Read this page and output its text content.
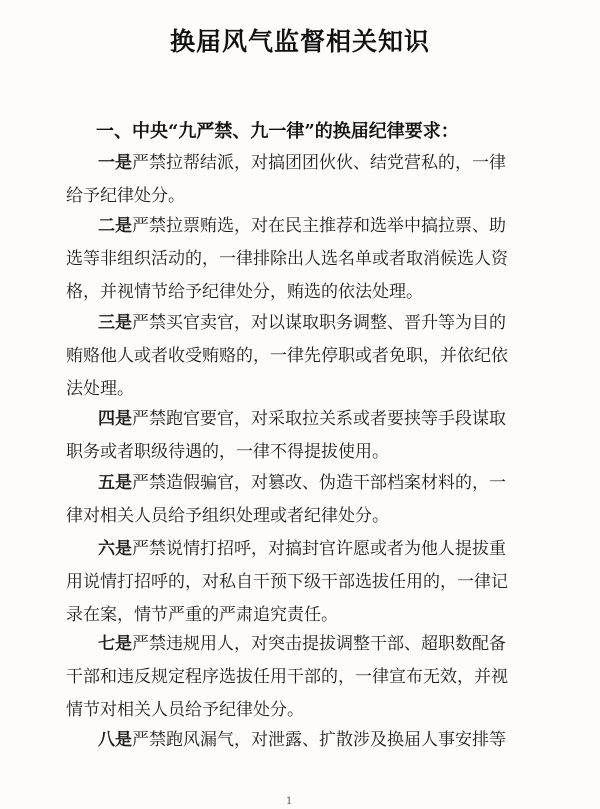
换届风气监督相关知识
一、中央“九严禁、九一律”的换届纪律要求：
一是严禁拉帮结派，对搞团团伙伙、结党营私的，一律
给予纪律处分。
二是严禁拉票贿选，对在民主推荐和选举中搞拉票、助
选等非组织活动的，一律排除出人选名单或者取消候选人资
格，并视情节给予纪律处分，贿选的依法处理。
三是严禁买官卖官，对以谋取职务调整、晋升等为目的
贿赂他人或者收受贿赂的，一律先停职或者免职，并依纪依
法处理。
四是严禁跑官要官，对采取拉关系或者要挟等手段谋取
职务或者职级待遇的，一律不得提拔使用。
五是严禁造假骗官，对篡改、伪造干部档案材料的，一
律对相关人员给予组织处理或者纪律处分。
六是严禁说情打招呼，对搞封官许愿或者为他人提拔重
用说情打招呼的，对私自干预下级干部选拔任用的，一律记
录在案，情节严重的严肃追究责任。
七是严禁违规用人，对突击提拔调整干部、超职数配备
干部和违反规定程序选拔任用干部的，一律宣布无效，并视
情节对相关人员给予纪律处分。
八是严禁跑风漏气，对泄露、扩散涉及换届人事安排等
1
